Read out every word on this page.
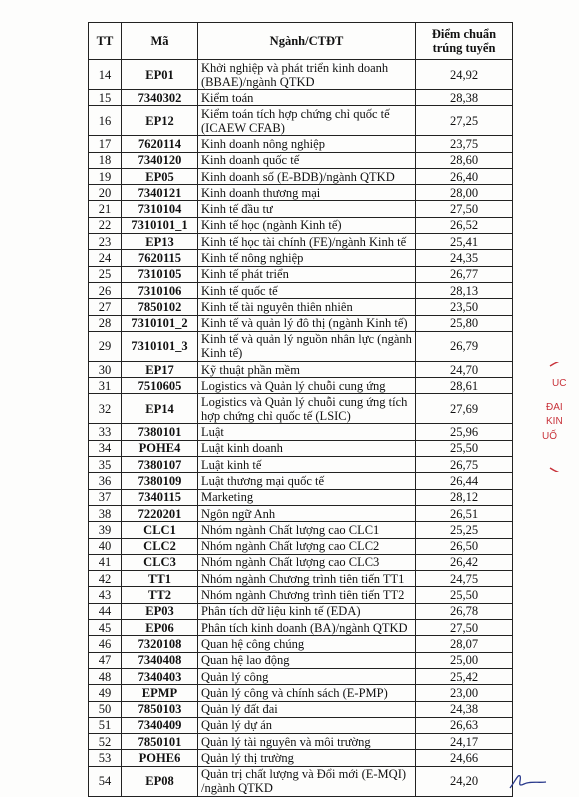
TT	Mã	Ngành/CTĐT	Điểm chuẩn
trúng tuyển
14	EP01	Khởi nghiệp và phát triển kinh doanh (BBAE)/ngành QTKD	24,92
15	7340302	Kiểm toán	28,38
16	EP12	Kiểm toán tích hợp chứng chỉ quốc tế (ICAEW CFAB)	27,25
17	7620114	Kinh doanh nông nghiệp	23,75
18	7340120	Kinh doanh quốc tế	28,60
19	EP05	Kinh doanh số (E-BDB)/ngành QTKD	26,40
20	7340121	Kinh doanh thương mại	28,00
21	7310104	Kinh tế đầu tư	27,50
22	7310101_1	Kinh tế học (ngành Kinh tế)	26,52
23	EP13	Kinh tế học tài chính (FE)/ngành Kinh tế	25,41
24	7620115	Kinh tế nông nghiệp	24,35
25	7310105	Kinh tế phát triển	26,77
26	7310106	Kinh tế quốc tế	28,13
27	7850102	Kinh tế tài nguyên thiên nhiên	23,50
28	7310101_2	Kinh tế và quản lý đô thị (ngành Kinh tế)	25,80
29	7310101_3	Kinh tế và quản lý nguồn nhân lực (ngành Kinh tế)	26,79
30	EP17	Kỹ thuật phần mềm	24,70
31	7510605	Logistics và Quản lý chuỗi cung ứng	28,61
32	EP14	Logistics và Quản lý chuỗi cung ứng tích hợp chứng chỉ quốc tế (LSIC)	27,69
33	7380101	Luật	25,96
34	POHE4	Luật kinh doanh	25,50
35	7380107	Luật kinh tế	26,75
36	7380109	Luật thương mại quốc tế	26,44
37	7340115	Marketing	28,12
38	7220201	Ngôn ngữ Anh	26,51
39	CLC1	Nhóm ngành Chất lượng cao CLC1	25,25
40	CLC2	Nhóm ngành Chất lượng cao CLC2	26,50
41	CLC3	Nhóm ngành Chất lượng cao CLC3	26,42
42	TT1	Nhóm ngành Chương trình tiên tiến TT1	24,75
43	TT2	Nhóm ngành Chương trình tiên tiến TT2	25,50
44	EP03	Phân tích dữ liệu kinh tế (EDA)	26,78
45	EP06	Phân tích kinh doanh (BA)/ngành QTKD	27,50
46	7320108	Quan hệ công chúng	28,07
47	7340408	Quan hệ lao động	25,00
48	7340403	Quản lý công	25,42
49	EPMP	Quản lý công và chính sách (E-PMP)	23,00
50	7850103	Quản lý đất đai	24,38
51	7340409	Quản lý dự án	26,63
52	7850101	Quản lý tài nguyên và môi trường	24,17
53	POHE6	Quản lý thị trường	24,66
54	EP08	Quản trị chất lượng và Đổi mới (E-MQI) /ngành QTKD	24,20
UC
ĐAI
KIN
UỐ
